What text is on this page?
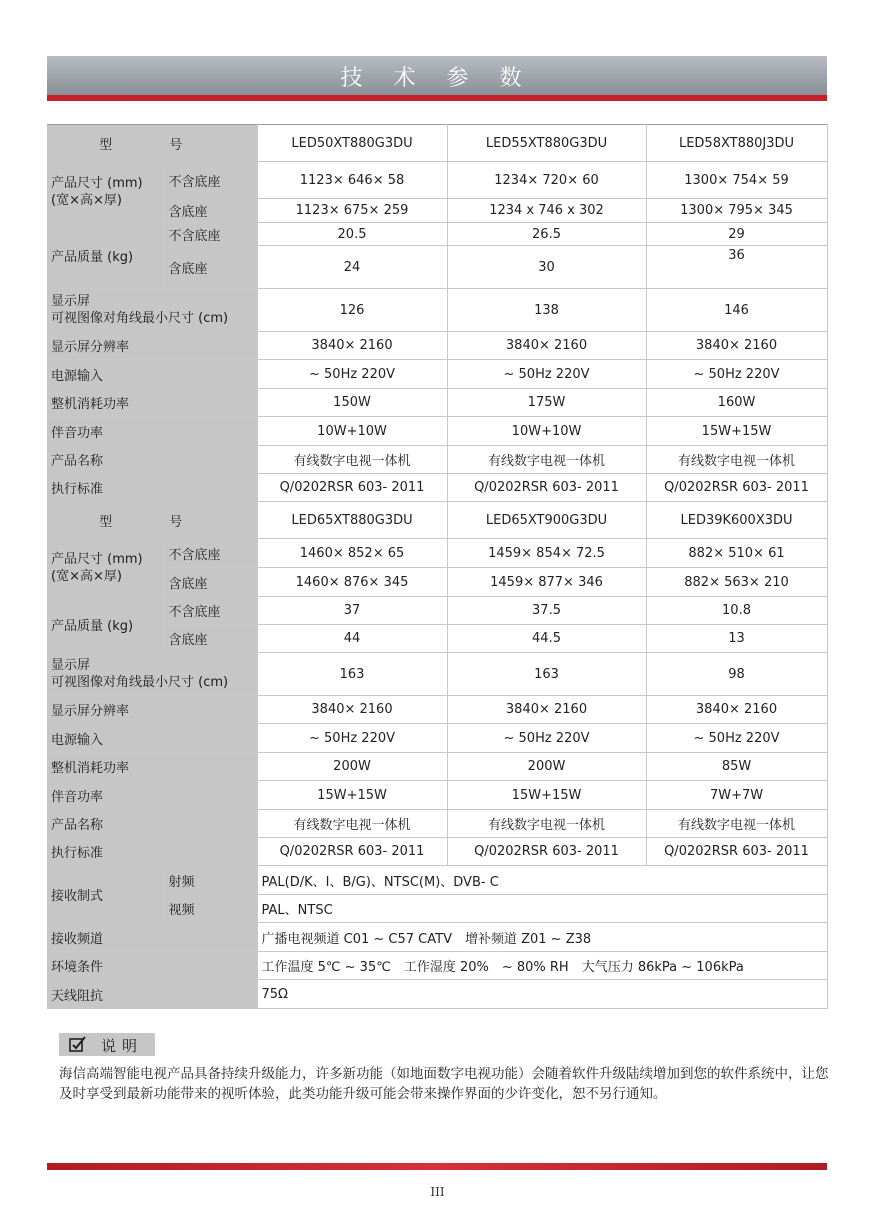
技 术 参 数
型　号		LED50XT880G3DU	LED55XT880G3DU	LED58XT880J3DU
产品尺寸 (mm)
(宽×高×厚)	不含底座	1123× 646× 58	1234× 720× 60	1300× 754× 59
	含底座	1123× 675× 259	1234 x 746 x 302	1300× 795× 345
产品质量 (kg)	不含底座	20.5	26.5	29
	含底座	24	30	36
显示屏
可视图像对角线最小尺寸 (cm)		126	138	146
显示屏分辨率		3840× 2160	3840× 2160	3840× 2160
电源输入		~ 50Hz 220V	~ 50Hz 220V	~ 50Hz 220V
整机消耗功率		150W	175W	160W
伴音功率		10W+10W	10W+10W	15W+15W
产品名称		有线数字电视一体机	有线数字电视一体机	有线数字电视一体机
执行标准		Q/0202RSR 603- 2011	Q/0202RSR 603- 2011	Q/0202RSR 603- 2011
型　号		LED65XT880G3DU	LED65XT900G3DU	LED39K600X3DU
产品尺寸 (mm)
(宽×高×厚)	不含底座	1460× 852× 65	1459× 854× 72.5	882× 510× 61
	含底座	1460× 876× 345	1459× 877× 346	882× 563× 210
产品质量 (kg)	不含底座	37	37.5	10.8
	含底座	44	44.5	13
显示屏
可视图像对角线最小尺寸 (cm)		163	163	98
显示屏分辨率		3840× 2160	3840× 2160	3840× 2160
电源输入		~ 50Hz 220V	~ 50Hz 220V	~ 50Hz 220V
整机消耗功率		200W	200W	85W
伴音功率		15W+15W	15W+15W	7W+7W
产品名称		有线数字电视一体机	有线数字电视一体机	有线数字电视一体机
执行标准		Q/0202RSR 603- 2011	Q/0202RSR 603- 2011	Q/0202RSR 603- 2011
接收制式	射频	PAL(D/K、I、B/G)、NTSC(M)、DVB- C		
	视频	PAL、NTSC		
接收频道		广播电视频道 C01 ~ C57 CATV　增补频道 Z01 ~ Z38		
环境条件		工作温度 5℃ ~ 35℃　工作湿度 20%　~ 80% RH　大气压力 86kPa ~ 106kPa		
天线阻抗		75Ω		
说明
海信高端智能电视产品具备持续升级能力，许多新功能（如地面数字电视功能）会随着软件升级陆续增加到您的软件系统中，让您及时享受到最新功能带来的视听体验，此类功能升级可能会带来操作界面的少许变化，恕不另行通知。
III
